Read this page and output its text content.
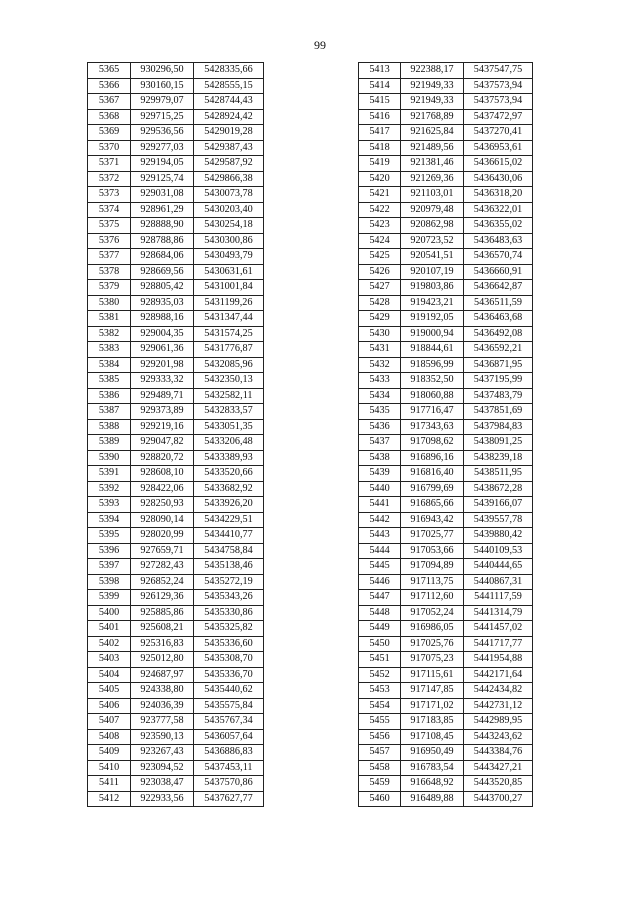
99
5365	930296,50	5428335,66
5366	930160,15	5428555,15
5367	929979,07	5428744,43
5368	929715,25	5428924,42
5369	929536,56	5429019,28
5370	929277,03	5429387,43
5371	929194,05	5429587,92
5372	929125,74	5429866,38
5373	929031,08	5430073,78
5374	928961,29	5430203,40
5375	928888,90	5430254,18
5376	928788,86	5430300,86
5377	928684,06	5430493,79
5378	928669,56	5430631,61
5379	928805,42	5431001,84
5380	928935,03	5431199,26
5381	928988,16	5431347,44
5382	929004,35	5431574,25
5383	929061,36	5431776,87
5384	929201,98	5432085,96
5385	929333,32	5432350,13
5386	929489,71	5432582,11
5387	929373,89	5432833,57
5388	929219,16	5433051,35
5389	929047,82	5433206,48
5390	928820,72	5433389,93
5391	928608,10	5433520,66
5392	928422,06	5433682,92
5393	928250,93	5433926,20
5394	928090,14	5434229,51
5395	928020,99	5434410,77
5396	927659,71	5434758,84
5397	927282,43	5435138,46
5398	926852,24	5435272,19
5399	926129,36	5435343,26
5400	925885,86	5435330,86
5401	925608,21	5435325,82
5402	925316,83	5435336,60
5403	925012,80	5435308,70
5404	924687,97	5435336,70
5405	924338,80	5435440,62
5406	924036,39	5435575,84
5407	923777,58	5435767,34
5408	923590,13	5436057,64
5409	923267,43	5436886,83
5410	923094,52	5437453,11
5411	923038,47	5437570,86
5412	922933,56	5437627,77
5413	922388,17	5437547,75
5414	921949,33	5437573,94
5415	921949,33	5437573,94
5416	921768,89	5437472,97
5417	921625,84	5437270,41
5418	921489,56	5436953,61
5419	921381,46	5436615,02
5420	921269,36	5436430,06
5421	921103,01	5436318,20
5422	920979,48	5436322,01
5423	920862,98	5436355,02
5424	920723,52	5436483,63
5425	920541,51	5436570,74
5426	920107,19	5436660,91
5427	919803,86	5436642,87
5428	919423,21	5436511,59
5429	919192,05	5436463,68
5430	919000,94	5436492,08
5431	918844,61	5436592,21
5432	918596,99	5436871,95
5433	918352,50	5437195,99
5434	918060,88	5437483,79
5435	917716,47	5437851,69
5436	917343,63	5437984,83
5437	917098,62	5438091,25
5438	916896,16	5438239,18
5439	916816,40	5438511,95
5440	916799,69	5438672,28
5441	916865,66	5439166,07
5442	916943,42	5439557,78
5443	917025,77	5439880,42
5444	917053,66	5440109,53
5445	917094,89	5440444,65
5446	917113,75	5440867,31
5447	917112,60	5441117,59
5448	917052,24	5441314,79
5449	916986,05	5441457,02
5450	917025,76	5441717,77
5451	917075,23	5441954,88
5452	917115,61	5442171,64
5453	917147,85	5442434,82
5454	917171,02	5442731,12
5455	917183,85	5442989,95
5456	917108,45	5443243,62
5457	916950,49	5443384,76
5458	916783,54	5443427,21
5459	916648,92	5443520,85
5460	916489,88	5443700,27
